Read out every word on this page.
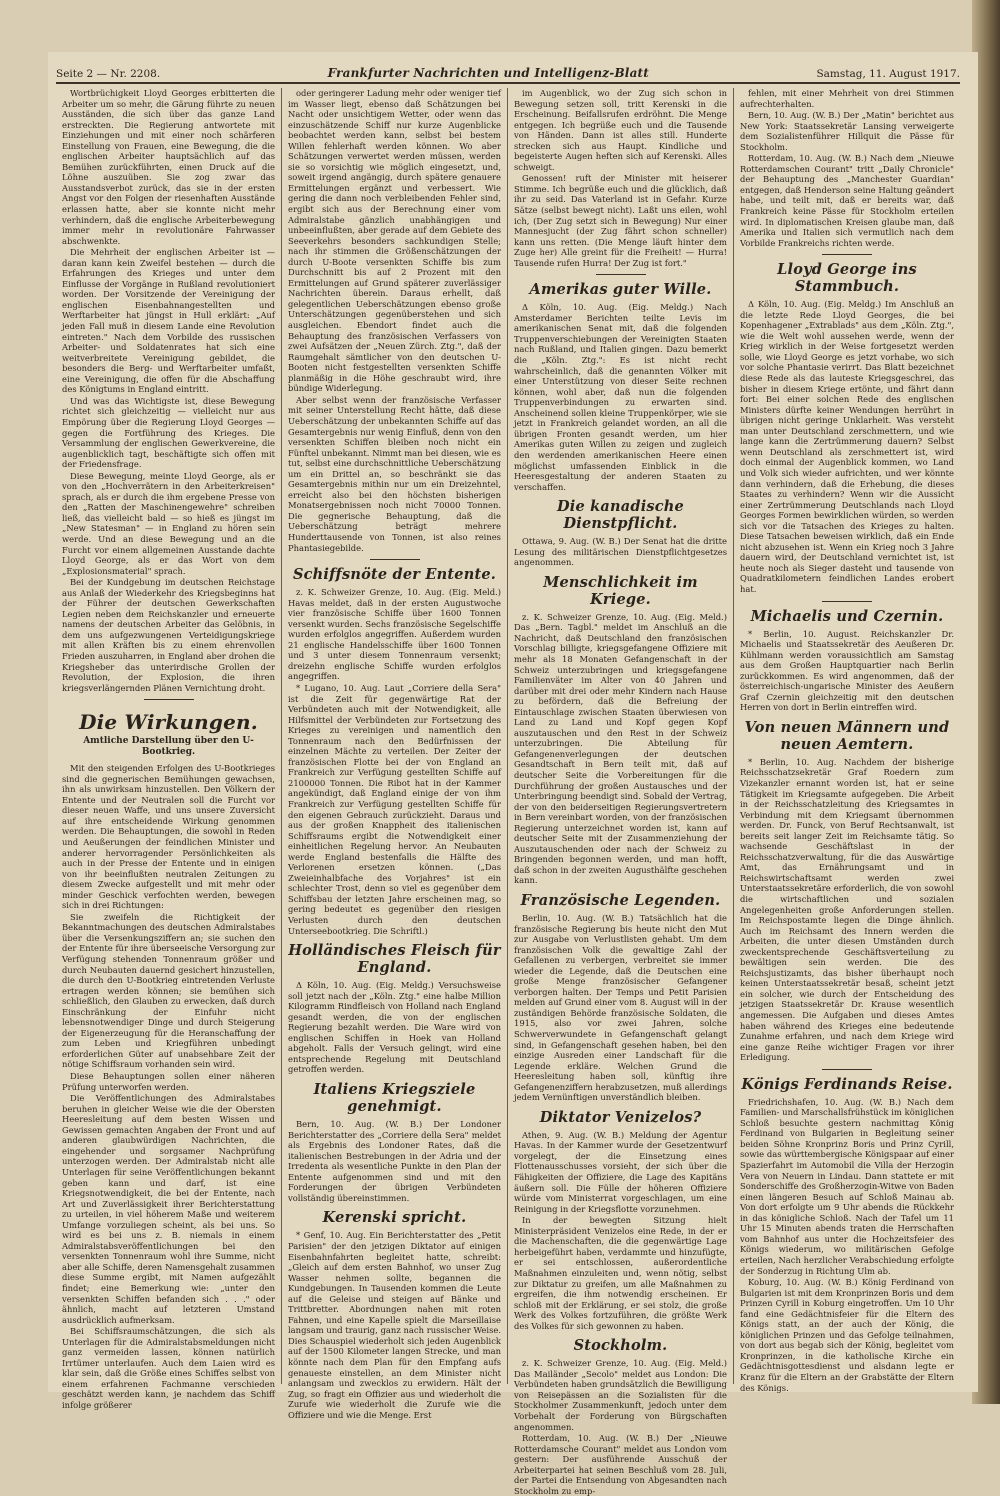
Seite 2 — Nr. 2208.	Frankfurter Nachrichten und Intelligenz-Blatt	Samstag, 11. August 1917.

Wortbrüchigkeit Lloyd Georges erbitterten die Arbeiter um so mehr, die Gärung führte zu neuen Ausständen, die sich über das ganze Land erstreckten. Die Regierung antwortete mit Einziehungen und mit einer noch schärferen Einstellung von Frauen, eine Bewegung, die die englischen Arbeiter hauptsächlich auf das Bemühen zurückführten, einen Druck auf die Löhne auszuüben. Sie zog zwar das Ausstandsverbot zurück, das sie in der ersten Angst vor den Folgen der riesenhaften Ausstände erlassen hatte, aber sie konnte nicht mehr verhindern, daß die englische Arbeiterbewegung immer mehr in revolutionäre Fahrwasser abschwenkte.

Die Mehrheit der englischen Arbeiter ist — daran kann kein Zweifel bestehen — durch die Erfahrungen des Krieges und unter dem Einflusse der Vorgänge in Rußland revolutioniert worden. Der Vorsitzende der Vereinigung der englischen Eisenbahnangestellten und Werftarbeiter hat jüngst in Hull erklärt: „Auf jeden Fall muß in diesem Lande eine Revolution eintreten." Nach dem Vorbilde des russischen Arbeiter- und Soldatenrates hat sich eine weitverbreitete Vereinigung gebildet, die besonders die Berg- und Werftarbeiter umfaßt, eine Vereinigung, die offen für die Abschaffung des Königtums in England eintritt.

Und was das Wichtigste ist, diese Bewegung richtet sich gleichzeitig — vielleicht nur aus Empörung über die Regierung Lloyd Georges — gegen die Fortführung des Krieges. Die Versammlung der englischen Gewerkvereine, die augenblicklich tagt, beschäftigte sich offen mit der Friedensfrage.

Diese Bewegung, meinte Lloyd George, als er von den „Hochverrätern in den Arbeiterkreisen" sprach, als er durch die ihm ergebene Presse von den „Ratten der Maschinengewehre" schreiben ließ, das vielleicht bald — so hieß es jüngst im „New Statesman" — in England zu hören sein werde. Und an diese Bewegung und an die Furcht vor einem allgemeinen Ausstande dachte Lloyd George, als er das Wort von dem „Explosionsmaterial" sprach.

Bei der Kundgebung im deutschen Reichstage aus Anlaß der Wiederkehr des Kriegsbeginns hat der Führer der deutschen Gewerkschaften Legien neben dem Reichskanzler und erneuerte namens der deutschen Arbeiter das Gelöbnis, in dem uns aufgezwungenen Verteidigungskriege mit allen Kräften bis zu einem ehrenvollen Frieden auszuharren, in England aber drohen die Kriegsheber das unterirdische Grollen der Revolution, der Explosion, die ihren kriegsverlängernden Plänen Vernichtung droht.

Die Wirkungen.
Amtliche Darstellung über den U-Bootkrieg.

Mit den steigenden Erfolgen des U-Bootkrieges sind die gegnerischen Bemühungen gewachsen, ihn als unwirksam hinzustellen. Den Völkern der Entente und der Neutralen soll die Furcht vor dieser neuen Waffe, und uns unsere Zuversicht auf ihre entscheidende Wirkung genommen werden. Die Behauptungen, die sowohl in Reden und Aeußerungen der feindlichen Minister und anderer hervorragender Persönlichkeiten als auch in der Presse der Entente und in einigen von ihr beeinflußten neutralen Zeitungen zu diesem Zwecke aufgestellt und mit mehr oder minder Geschick verfochten werden, bewegen sich in drei Richtungen:

Sie zweifeln die Richtigkeit der Bekanntmachungen des deutschen Admiralstabes über die Versenkungsziffern an; sie suchen den der Entente für ihre überseeische Versorgung zur Verfügung stehenden Tonnenraum größer und durch Neubauten dauernd gesichert hinzustellen, die durch den U-Bootkrieg eintretenden Verluste ertragen werden können; sie bemühen sich schließlich, den Glauben zu erwecken, daß durch Einschränkung der Einfuhr nicht lebensnotwendiger Dinge und durch Steigerung der Eigenerzeugung für die Heranschaffung der zum Leben und Kriegführen unbedingt erforderlichen Güter auf unabsehbare Zeit der nötige Schiffsraum vorhanden sein wird.

Diese Behauptungen sollen einer näheren Prüfung unterworfen werden.

Die Veröffentlichungen des Admiralstabes beruhen in gleicher Weise wie die der Obersten Heeresleitung auf dem besten Wissen und Gewissen gemachten Angaben der Front und auf anderen glaubwürdigen Nachrichten, die eingehender und sorgsamer Nachprüfung unterzogen werden. Der Admiralstab nicht alle Unterlagen für seine Veröffentlichungen bekannt geben kann und darf, ist eine Kriegsnotwendigkeit, die bei der Entente, nach Art und Zuverlässigkeit ihrer Berichterstattung zu urteilen, in viel höherem Maße und weiterem Umfange vorzuliegen scheint, als bei uns. So wird es bei uns z. B. niemals in einem Admiralstabsveröffentlichungen bei den versenkten Tonnenraum wohl ihre Summe, nicht aber alle Schiffe, deren Namensgehalt zusammen diese Summe ergibt, mit Namen aufgezählt findet; eine Bemerkung wie: „unter den versenkten Schiffen befanden sich . . ." oder ähnlich, macht auf letzteren Umstand ausdrücklich aufmerksam.

Bei Schiffsraumschätzungen, die sich als Unterlagen für die Admiralstabsmeldungen nicht ganz vermeiden lassen, können natürlich Irrtümer unterlaufen. Auch dem Laien wird es klar sein, daß die Größe eines Schiffes selbst von einem erfahrenen Fachmanne verschieden geschätzt werden kann, je nachdem das Schiff infolge größerer

oder geringerer Ladung mehr oder weniger tief im Wasser liegt, ebenso daß Schätzungen bei Nacht oder unsichtigem Wetter, oder wenn das einzuschätzende Schiff nur kurze Augenblicke beobachtet werden kann, selbst bei bestem Willen fehlerhaft werden können. Wo aber Schätzungen verwertet werden müssen, werden sie so vorsichtig wie möglich eingesetzt, und, soweit irgend angängig, durch spätere genauere Ermittelungen ergänzt und verbessert. Wie gering die dann noch verbleibenden Fehler sind, ergibt sich aus der Berechnung einer vom Admiralstabe gänzlich unabhängigen und unbeeinflußten, aber gerade auf dem Gebiete des Seeverkehrs besonders sachkundigen Stelle; nach ihr stimmen die Größenschätzungen der durch U-Boote versenkten Schiffe bis zum Durchschnitt bis auf 2 Prozent mit den Ermittelungen auf Grund späterer zuverlässiger Nachrichten überein. Daraus erhellt, daß gelegentlichen Ueberschätzungen ebenso große Unterschätzungen gegenüberstehen und sich ausgleichen. Ebendort findet auch die Behauptung des französischen Verfassers von zwei Aufsätzen der „Neuen Zürch. Ztg.", daß der Raumgehalt sämtlicher von den deutschen U-Booten nicht festgestellten versenkten Schiffe planmäßig in die Höhe geschraubt wird, ihre bündige Widerlegung.

Aber selbst wenn der französische Verfasser mit seiner Unterstellung Recht hätte, daß diese Ueberschätzung der unbekannten Schiffe auf das Gesamtergebnis nur wenig Einfluß, denn von den versenkten Schiffen bleiben noch nicht ein Fünftel unbekannt. Nimmt man bei diesen, wie es tut, selbst eine durchschnittliche Ueberschätzung um ein Drittel an, so beschränkt sie das Gesamtergebnis mithin nur um ein Dreizehntel, erreicht also bei den höchsten bisherigen Monatsergebnissen noch nicht 70000 Tonnen. Die gegnerische Behauptung, daß die Ueberschätzung beträgt mehrere Hunderttausende von Tonnen, ist also reines Phantasiegebilde.

Schiffsnöte der Entente.

z. K. Schweizer Grenze, 10. Aug. (Eig. Meld.) Havas meldet, daß in der ersten Augustwoche vier französische Schiffe über 1600 Tonnen versenkt wurden. Sechs französische Segelschiffe wurden erfolglos angegriffen. Außerdem wurden 21 englische Handelsschiffe über 1600 Tonnen und 3 unter diesem Tonnenraum versenkt; dreizehn englische Schiffe wurden erfolglos angegriffen.

* Lugano, 10. Aug. Laut „Corriere della Sera" ist die Zeit für gegenwärtige Rat der Verbündeten auch mit der Notwendigkeit, alle Hilfsmittel der Verbündeten zur Fortsetzung des Krieges zu vereinigen und namentlich den Tonnenraum nach den Bedürfnissen der einzelnen Mächte zu verteilen. Der Zeiter der französischen Flotte bei der von England an Frankreich zur Verfügung gestellten Schiffe auf 2100000 Tonnen. Die Ribot hat in der Kammer angekündigt, daß England einige der von ihm Frankreich zur Verfügung gestellten Schiffe für den eigenen Gebrauch zurückzieht. Daraus und aus der großen Knappheit des italienischen Schiffsraums ergibt die Notwendigkeit einer einheitlichen Regelung hervor. An Neubauten werde England bestenfalls die Hälfte des Verlorenen ersetzen können. („Das Zweieinhalbfache des Vorjahres" ist ein schlechter Trost, denn so viel es gegenüber dem Schiffsbau der letzten Jahre erscheinen mag, so gering bedeutet es gegenüber den riesigen Verlusten durch den deutschen Unterseebootkrieg. Die Schriftl.)

Holländisches Fleisch für England.

Δ Köln, 10. Aug. (Eig. Meldg.) Versuchsweise soll jetzt nach der „Köln. Ztg." eine halbe Million Kilogramm Rindfleisch von Holland nach England gesandt werden, die von der englischen Regierung bezahlt werden. Die Ware wird von englischen Schiffen in Hoek van Holland abgeholt. Falls der Versuch gelingt, wird eine entsprechende Regelung mit Deutschland getroffen werden.

Italiens Kriegsziele genehmigt.

Bern, 10. Aug. (W. B.) Der Londoner Berichterstatter des „Corriere della Sera" meldet als Ergebnis des Londoner Rates, daß die italienischen Bestrebungen in der Adria und der Irredenta als wesentliche Punkte in den Plan der Entente aufgenommen sind und mit den Forderungen der übrigen Verbündeten vollständig übereinstimmen.

Kerenski spricht.

* Genf, 10. Aug. Ein Berichterstatter des „Petit Parisien" der den jetzigen Diktator auf einigen Eisenbahnfahrten begleitet hatte, schreibt: „Gleich auf dem ersten Bahnhof, wo unser Zug Wasser nehmen sollte, begannen die Kundgebungen. In Tausenden kommen die Leute auf die Geleise und steigen auf Bänke und Trittbretter. Abordnungen nahen mit roten Fahnen, und eine Kapelle spielt die Marseillaise langsam und traurig, ganz nach russischer Weise. Dies Schauspiel wiederholt sich jeden Augenblick auf der 1500 Kilometer langen Strecke, und man könnte nach dem Plan für den Empfang aufs genaueste einstellen, an dem Minister nicht anlangsam und zwecklos zu erwidern. Hält der Zug, so fragt ein Offizier aus und wiederholt die Zurufe wie wiederholt die Zurufe wie die Offiziere und wie die Menge. Erst

im Augenblick, wo der Zug sich schon in Bewegung setzen soll, tritt Kerenski in die Erscheinung. Beifallsrufen erdröhnt. Die Menge entgegen. Ich begrüße euch und die Tausende von Händen. Dann ist alles still. Hunderte strecken sich aus Haupt. Kindliche und begeisterte Augen heften sich auf Kerenski. Alles schweigt.

Genossen! ruft der Minister mit heiserer Stimme. Ich begrüße euch und die glücklich, daß ihr zu seid. Das Vaterland ist in Gefahr. Kurze Sätze (selbst bewegt nicht). Laßt uns eilen, wohl ich, (Der Zug setzt sich in Bewegung) Nur einer Mannesjucht (der Zug fährt schon schneller) kann uns retten. (Die Menge läuft hinter dem Zuge her) Alle greint für die Freiheit! — Hurra! Tausende rufen Hurra! Der Zug ist fort."

Amerikas guter Wille.

Δ Köln, 10. Aug. (Eig. Meldg.) Nach Amsterdamer Berichten teilte Levis im amerikanischen Senat mit, daß die folgenden Truppenverschiebungen der Vereinigten Staaten nach Rußland, und Italien gingen. Dazu bemerkt die „Köln. Ztg.": Es ist nicht recht wahrscheinlich, daß die genannten Völker mit einer Unterstützung von dieser Seite rechnen können, wohl aber, daß nun die folgenden Truppenverbindungen zu erwarten sind. Anscheinend sollen kleine Truppenkörper, wie sie jetzt in Frankreich gelandet worden, an all die übrigen Fronten gesandt werden, um hier Amerikas guten Willen zu zeigen und zugleich den werdenden amerikanischen Heere einen möglichst umfassenden Einblick in die Heeresgestaltung der anderen Staaten zu verschaffen.

Die kanadische Dienstpflicht.

Ottawa, 9. Aug. (W. B.) Der Senat hat die dritte Lesung des militärischen Dienstpflichtgesetzes angenommen.

Menschlichkeit im Kriege.

z. K. Schweizer Grenze, 10. Aug. (Eig. Meld.) Das „Bern. Tagbl." meldet im Anschluß an die Nachricht, daß Deutschland den französischen Vorschlag billigte, kriegsgefangene Offiziere mit mehr als 18 Monaten Gefangenschaft in der Schweiz unterzubringen und kriegsgefangene Familienväter im Alter von 40 Jahren und darüber mit drei oder mehr Kindern nach Hause zu befördern, daß die Befreiung der Eintauschlage zwischen Staaten überwiesen von Land zu Land und Kopf gegen Kopf auszutauschen und den Rest in der Schweiz unterzubringen. Die Abteilung für Gefangenenverlegungen der deutschen Gesandtschaft in Bern teilt mit, daß auf deutscher Seite die Vorbereitungen für die Durchführung der großen Austausches und der Unterbringung beendigt sind. Sobald der Vertrag, der von den beiderseitigen Regierungsvertretern in Bern vereinbart worden, von der französischen Regierung unterzeichnet worden ist, kann auf deutscher Seite mit der Zusammenziehung der Auszutauschenden oder nach der Schweiz zu Bringenden begonnen werden, und man hofft, daß schon in der zweiten Augusthälfte geschehen kann.

Französische Legenden.

Berlin, 10. Aug. (W. B.) Tatsächlich hat die französische Regierung bis heute nicht den Mut zur Ausgabe von Verlustlisten gehabt. Um dem französischen Volk die gewaltige Zahl der Gefallenen zu verbergen, verbreitet sie immer wieder die Legende, daß die Deutschen eine große Menge französischer Gefangener verborgen halten. Der Temps und Petit Parisien melden auf Grund einer vom 8. August will in der zuständigen Behörde französische Soldaten, die 1915, also vor zwei Jahren, solche Schwerverwundete in Gefangenschaft gelangt sind, in Gefangenschaft gesehen haben, bei den einzige Ausreden einer Landschaft für die Legende erkläre. Welchen Grund die Heeresleitung haben soll, künftig ihre Gefangenenziffern herabzusetzen, muß allerdings jedem Vernünftigen unverständlich bleiben.

Diktator Venizelos?

Athen, 9. Aug. (W. B.) Meldung der Agentur Havas. In der Kammer wurde der Gesetzentwurf vorgelegt, der die Einsetzung eines Flottenausschusses vorsieht, der sich über die Fähigkeiten der Offiziere, die Lage des Kapitäns äußern soll. Die Fülle der höheren Offiziere würde vom Ministerrat vorgeschlagen, um eine Reinigung in der Kriegsflotte vorzunehmen.

In der bewegten Sitzung hielt Ministerpräsident Venizelos eine Rede, in der er die Machenschaften, die die gegenwärtige Lage herbeigeführt haben, verdammte und hinzufügte, er sei entschlossen, außerordentliche Maßnahmen einzuleiten und, wenn nötig, selbst zur Diktatur zu greifen, um alle Maßnahmen zu ergreifen, die ihm notwendig erscheinen. Er schloß mit der Erklärung, er sei stolz, die große Werk des Volkes fortzuführen, die größte Werk des Volkes für sich gewonnen zu haben.

Stockholm.

z. K. Schweizer Grenze, 10. Aug. (Eig. Meld.) Das Mailänder „Secolo" meldet aus London: Die Verbündeten haben grundsätzlich die Bewilligung von Reisepässen an die Sozialisten für die Stockholmer Zusammenkunft, jedoch unter dem Vorbehalt der Forderung von Bürgschaften angenommen.

Rotterdam, 10. Aug. (W. B.) Der „Nieuwe Rotterdamsche Courant" meldet aus London vom gestern: Der ausführende Ausschuß der Arbeiterpartei hat seinen Beschluß vom 28. Juli, der Partei die Entsendung von Abgesandten nach Stockholm zu emp-

fehlen, mit einer Mehrheit von drei Stimmen aufrechterhalten.

Bern, 10. Aug. (W. B.) Der „Matin" berichtet aus New York: Staatssekretär Lansing verweigerte dem Sozialistenführer Hillquit die Pässe für Stockholm.

Rotterdam, 10. Aug. (W. B.) Nach dem „Nieuwe Rotterdamschen Courant" tritt „Daily Chronicle" der Behauptung des „Manchester Guardian" entgegen, daß Henderson seine Haltung geändert habe, und teilt mit, daß er bereits war, daß Frankreich keine Pässe für Stockholm erteilen wird. In diplomatischen Kreisen glaube man, daß Amerika und Italien sich vermutlich nach dem Vorbilde Frankreichs richten werde.

Lloyd George ins Stammbuch.

Δ Köln, 10. Aug. (Eig. Meldg.) Im Anschluß an die letzte Rede Lloyd Georges, die bei Kopenhagener „Extrablads" aus dem „Köln. Ztg.", wie die Welt wohl aussehen werde, wenn der Krieg wirklich in der Weise fortgesetzt werden solle, wie Lloyd George es jetzt vorhabe, wo sich vor solche Phantasie verirrt. Das Blatt bezeichnet diese Rede als das lauteste Kriegsgeschrei, das bisher in diesem Kriege ertönte, und fährt dann fort: Bei einer solchen Rede des englischen Ministers dürfte keiner Wendungen herrührt in übrigen nicht geringe Unklarheit. Was versteht man unter Deutschland zerschmettern, und wie lange kann die Zertrümmerung dauern? Selbst wenn Deutschland als zerschmettert ist, wird doch einmal der Augenblick kommen, wo Land und Volk sich wieder aufrichten, und wer könnte dann verhindern, daß die Erhebung, die dieses Staates zu verhindern? Wenn wir die Aussicht einer Zertrümmerung Deutschlands nach Lloyd Georges Formen bewirklichen würden, so werden sich vor die Tatsachen des Krieges zu halten. Diese Tatsachen beweisen wirklich, daß ein Ende nicht abzusehen ist. Wenn ein Krieg noch 3 Jahre dauern wird, der Deutschland vernichtet ist, ist heute noch als Sieger dasteht und tausende von Quadratkilometern feindlichen Landes erobert hat.

Michaelis und Czernin.

* Berlin, 10. August. Reichskanzler Dr. Michaelis und Staatssekretär des Aeußeren Dr. Kühlmann werden voraussichtlich am Samstag aus dem Großen Hauptquartier nach Berlin zurückkommen. Es wird angenommen, daß der österreichisch-ungarische Minister des Aeußern Graf Czernin gleichzeitig mit den deutschen Herren von dort in Berlin eintreffen wird.

Von neuen Männern und neuen Aemtern.

* Berlin, 10. Aug. Nachdem der bisherige Reichsschatzsekretär Graf Roedern zum Vizekanzler ernannt worden ist, hat er seine Tätigkeit im Kriegsamte aufgegeben. Die Arbeit in der Reichsschatzleitung des Kriegsamtes in Verbindung mit dem Kriegsamt übernommen werden. Dr. Funck, von Beruf Rechtsanwalt, ist bereits seit langer Zeit im Reichsamte tätig. So wachsende Geschäftslast in der Reichsschatzverwaltung, für die das Auswärtige Amt, das Ernährungsamt und in Reichswirtschaftsamt werden zwei Unterstaatssekretäre erforderlich, die von sowohl die wirtschaftlichen und sozialen Angelegenheiten große Anforderungen stellen. Im Reichspostamte liegen die Dinge ähnlich. Auch im Reichsamt des Innern werden die Arbeiten, die unter diesen Umständen durch zweckentsprechende Geschäftsverteilung zu bewältigen sein werden. Die des Reichsjustizamts, das bisher überhaupt noch keinen Unterstaatssekretär besaß, scheint jetzt ein solcher, wie durch der Entscheidung des jetzigen Staatssekretär Dr. Krause wesentlich angemessen. Die Aufgaben und dieses Amtes haben während des Krieges eine bedeutende Zunahme erfahren, und nach dem Kriege wird eine ganze Reihe wichtiger Fragen vor ihrer Erledigung.

Königs Ferdinands Reise.

Friedrichshafen, 10. Aug. (W. B.) Nach dem Familien- und Marschallsfrühstück im königlichen Schloß besuchte gestern nachmittag König Ferdinand von Bulgarien in Begleitung seiner beiden Söhne Kronprinz Boris und Prinz Cyrill, sowie das württembergische Königspaar auf einer Spazierfahrt im Automobil die Villa der Herzogin Vera von Neuern in Lindau. Dann stattete er mit Sonderschiffe des Großherzogin-Witwe von Baden einen längeren Besuch auf Schloß Mainau ab. Von dort erfolgte um 9 Uhr abends die Rückkehr in das königliche Schloß. Nach der Tafel um 11 Uhr 15 Minuten abends traten die Herrschaften vom Bahnhof aus unter die Hochzeitsfeier des Königs wiederum, wo militärischen Gefolge erteilen, Nach herzlicher Verabschiedung erfolgte der Sonderzug in Richtung Ulm ab.

Koburg, 10. Aug. (W. B.) König Ferdinand von Bulgarien ist mit dem Kronprinzen Boris und dem Prinzen Cyrill in Koburg eingetroffen. Um 10 Uhr fand eine Gedächtnisfeier für die Eltern des Königs statt, an der auch der König, die königlichen Prinzen und das Gefolge teilnahmen, von dort aus begab sich der König, begleitet vom Kronprinzen, in die katholische Kirche ein Gedächtnisgottesdienst und alsdann legte er Kranz für die Eltern an der Grabstätte der Eltern des Königs.
